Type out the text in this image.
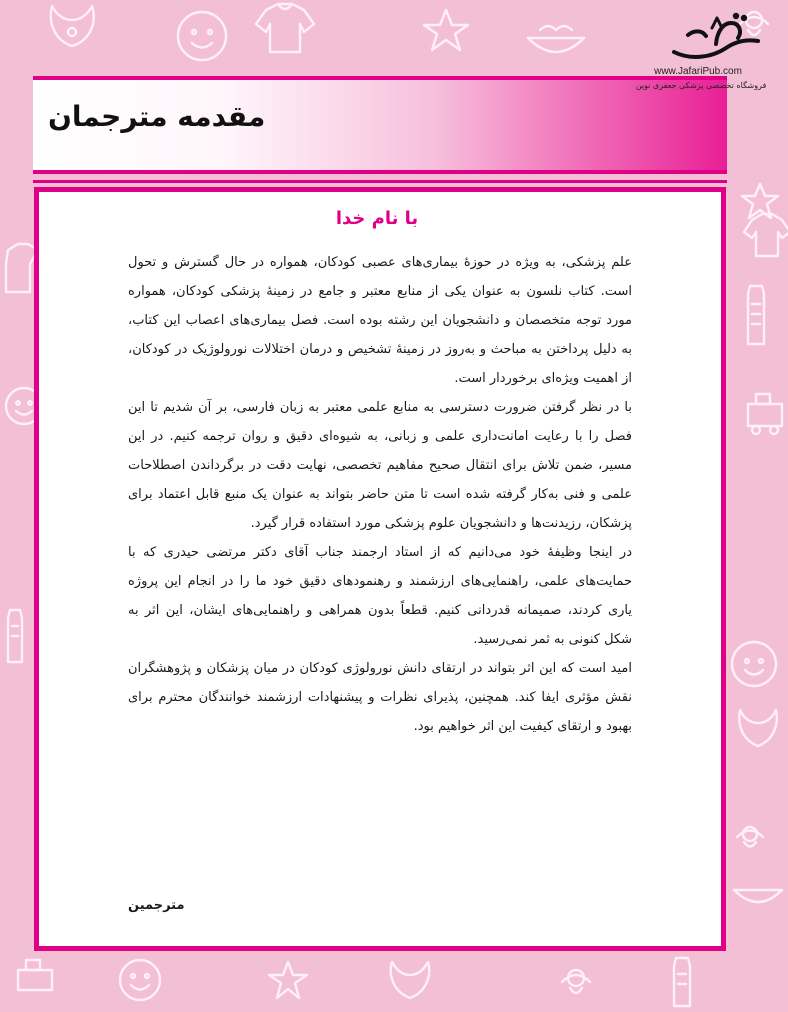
www.JafariPub.com
فروشگاه تخصصی پزشکی جعفری نوین
مقدمه مترجمان
با نام خدا

علم پزشکی، به ویژه در حوزۀ بیماری‌های عصبی کودکان، همواره در حال گسترش و تحول است. کتاب نلسون به عنوان یکی از منابع معتبر و جامع در زمینۀ پزشکی کودکان، همواره مورد توجه متخصصان و دانشجویان این رشته بوده است. فصل بیماری‌های اعصاب این کتاب، به دلیل پرداختن به مباحث و به‌روز در زمینۀ تشخیص و درمان اختلالات نورولوژیک در کودکان، از اهمیت ویژه‌ای برخوردار است.

با در نظر گرفتن ضرورت دسترسی به منابع علمی معتبر به زبان فارسی، بر آن شدیم تا این فصل را با رعایت امانت‌داری علمی و زبانی، به شیوه‌ای دقیق و روان ترجمه کنیم. در این مسیر، ضمن تلاش برای انتقال صحیح مفاهیم تخصصی، نهایت دقت در برگرداندن اصطلاحات علمی و فنی به‌کار گرفته شده است تا متن حاضر بتواند به عنوان یک منبع قابل اعتماد برای پزشکان، رزیدنت‌ها و دانشجویان علوم پزشکی مورد استفاده قرار گیرد.

در اینجا وظیفۀ خود می‌دانیم که از استاد ارجمند جناب آقای دکتر مرتضی حیدری که با حمایت‌های علمی، راهنمایی‌های ارزشمند و رهنمودهای دقیق خود ما را در انجام این پروژه یاری کردند، صمیمانه قدردانی کنیم. قطعاً بدون همراهی و راهنمایی‌های ایشان، این اثر به شکل کنونی به ثمر نمی‌رسید.

امید است که این اثر بتواند در ارتقای دانش نورولوژی کودکان در میان پزشکان و پژوهشگران نقش مؤثری ایفا کند. همچنین، پذیرای نظرات و پیشنهادات ارزشمند خوانندگان محترم برای بهبود و ارتقای کیفیت این اثر خواهیم بود.

مترجمین
